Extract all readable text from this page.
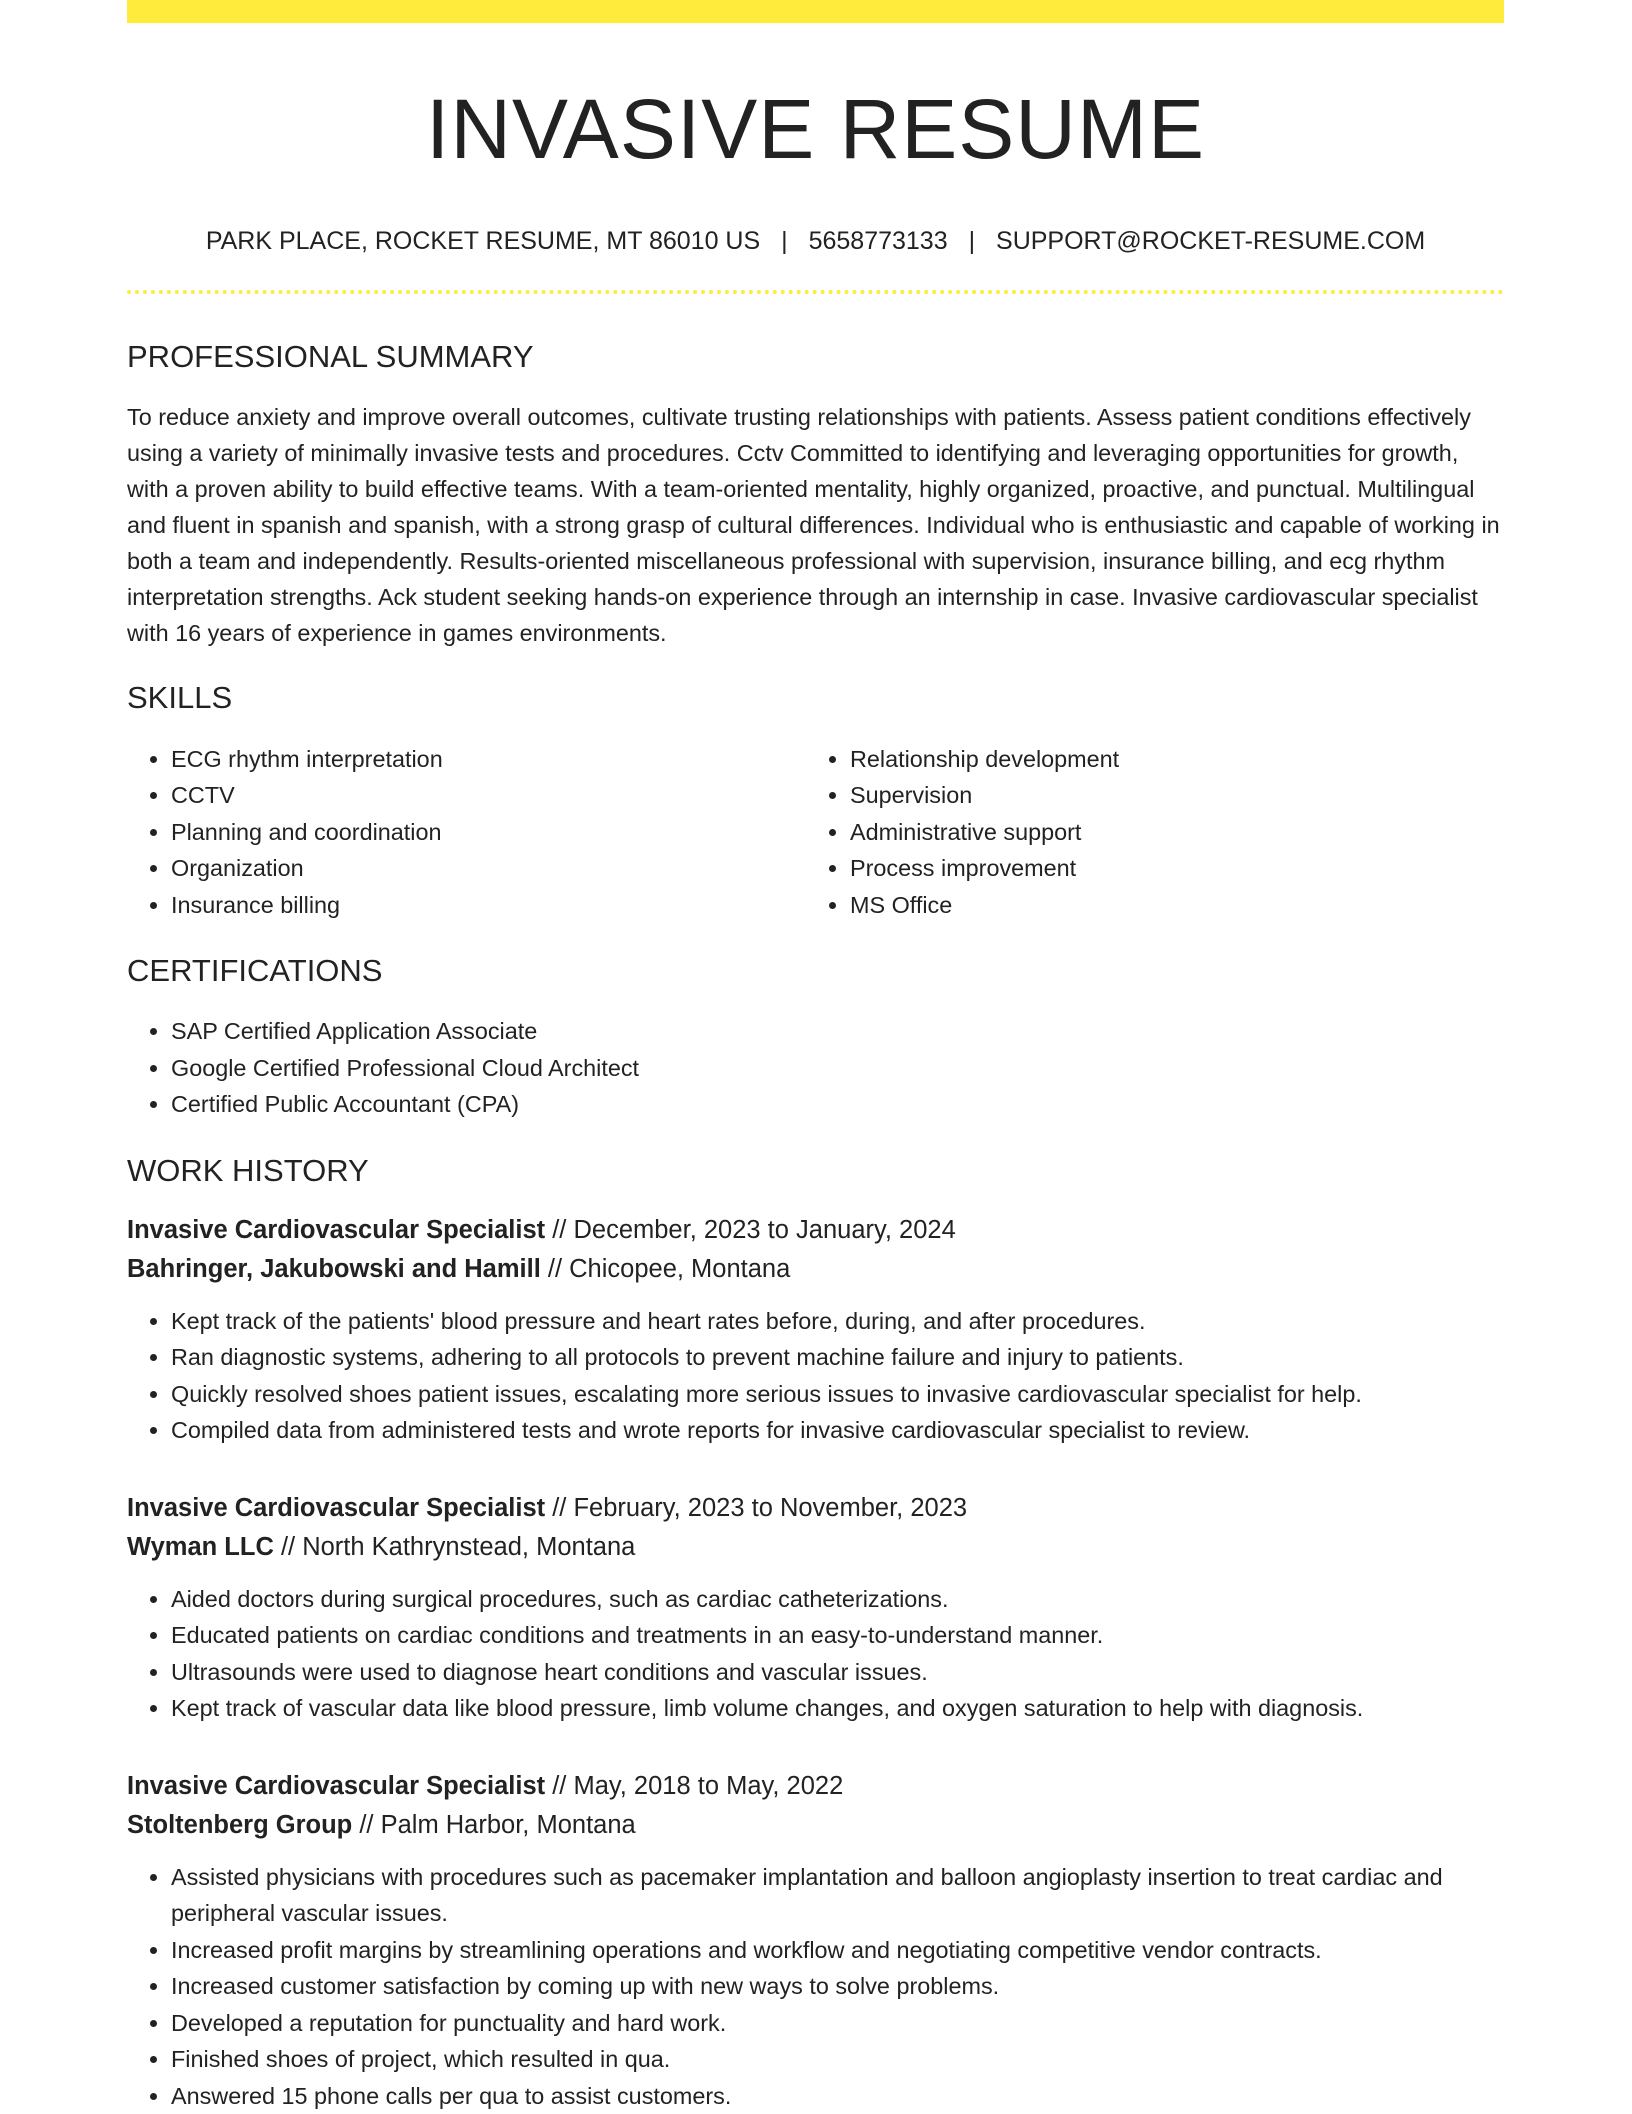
INVASIVE RESUME
PARK PLACE, ROCKET RESUME, MT 86010 US | 5658773133 | SUPPORT@ROCKET-RESUME.COM
PROFESSIONAL SUMMARY
To reduce anxiety and improve overall outcomes, cultivate trusting relationships with patients. Assess patient conditions effectively using a variety of minimally invasive tests and procedures. Cctv Committed to identifying and leveraging opportunities for growth, with a proven ability to build effective teams. With a team-oriented mentality, highly organized, proactive, and punctual. Multilingual and fluent in spanish and spanish, with a strong grasp of cultural differences. Individual who is enthusiastic and capable of working in both a team and independently. Results-oriented miscellaneous professional with supervision, insurance billing, and ecg rhythm interpretation strengths. Ack student seeking hands-on experience through an internship in case. Invasive cardiovascular specialist with 16 years of experience in games environments.
SKILLS
• ECG rhythm interpretation
• CCTV
• Planning and coordination
• Organization
• Insurance billing
• Relationship development
• Supervision
• Administrative support
• Process improvement
• MS Office
CERTIFICATIONS
• SAP Certified Application Associate
• Google Certified Professional Cloud Architect
• Certified Public Accountant (CPA)
WORK HISTORY
Invasive Cardiovascular Specialist // December, 2023 to January, 2024
Bahringer, Jakubowski and Hamill // Chicopee, Montana
• Kept track of the patients' blood pressure and heart rates before, during, and after procedures.
• Ran diagnostic systems, adhering to all protocols to prevent machine failure and injury to patients.
• Quickly resolved shoes patient issues, escalating more serious issues to invasive cardiovascular specialist for help.
• Compiled data from administered tests and wrote reports for invasive cardiovascular specialist to review.
Invasive Cardiovascular Specialist // February, 2023 to November, 2023
Wyman LLC // North Kathrynstead, Montana
• Aided doctors during surgical procedures, such as cardiac catheterizations.
• Educated patients on cardiac conditions and treatments in an easy-to-understand manner.
• Ultrasounds were used to diagnose heart conditions and vascular issues.
• Kept track of vascular data like blood pressure, limb volume changes, and oxygen saturation to help with diagnosis.
Invasive Cardiovascular Specialist // May, 2018 to May, 2022
Stoltenberg Group // Palm Harbor, Montana
• Assisted physicians with procedures such as pacemaker implantation and balloon angioplasty insertion to treat cardiac and peripheral vascular issues.
• Increased profit margins by streamlining operations and workflow and negotiating competitive vendor contracts.
• Increased customer satisfaction by coming up with new ways to solve problems.
• Developed a reputation for punctuality and hard work.
• Finished shoes of project, which resulted in qua.
• Answered 15 phone calls per qua to assist customers.
